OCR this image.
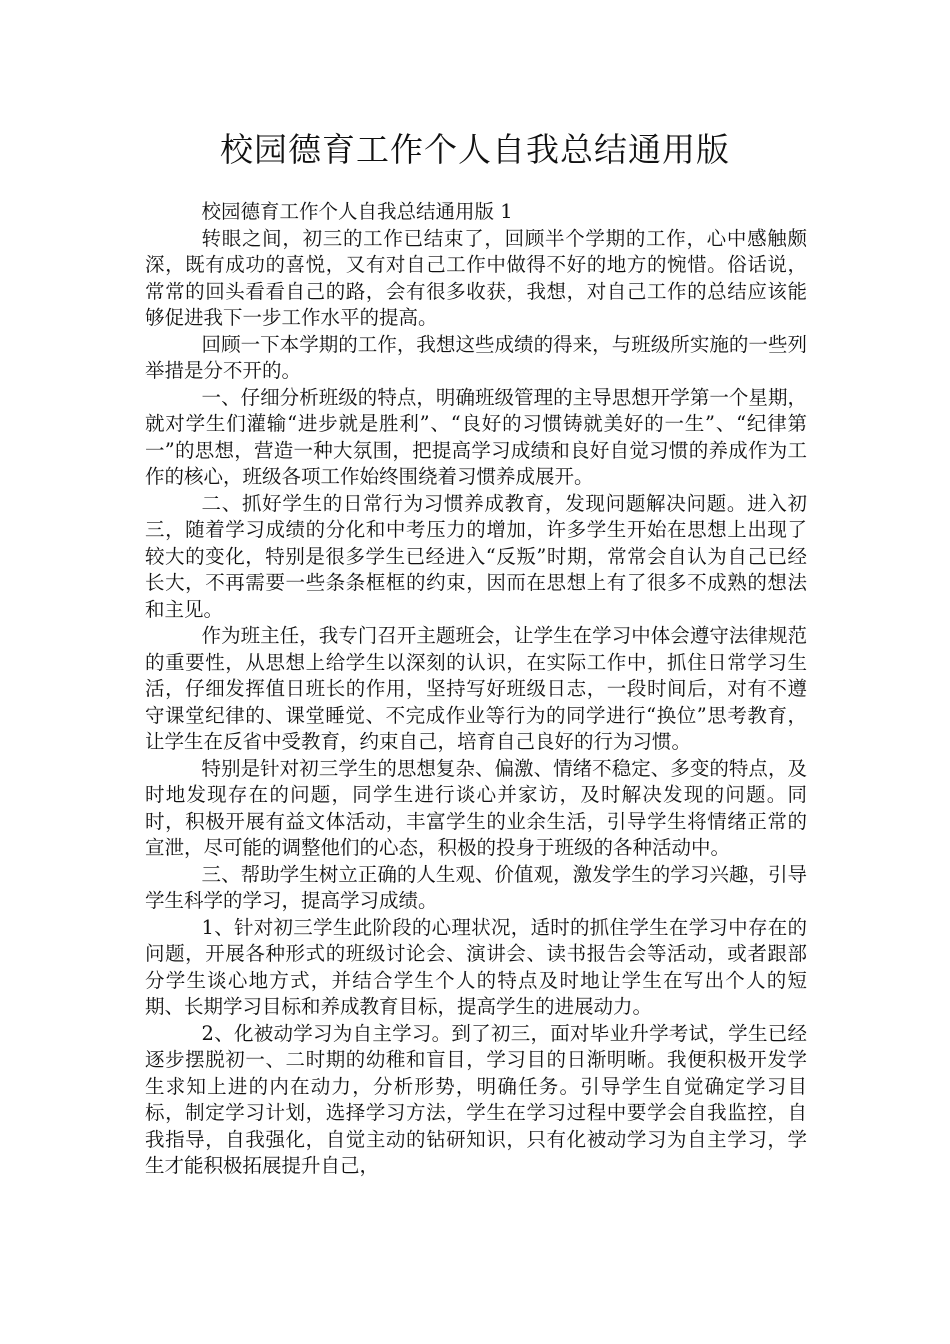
校园德育工作个人自我总结通用版

校园德育工作个人自我总结通用版 1

转眼之间，初三的工作已结束了，回顾半个学期的工作，心中感触颇深，既有成功的喜悦，又有对自己工作中做得不好的地方的惋惜。俗话说，常常的回头看看自己的路，会有很多收获，我想，对自己工作的总结应该能够促进我下一步工作水平的提高。

回顾一下本学期的工作，我想这些成绩的得来，与班级所实施的一些列举措是分不开的。

一、仔细分析班级的特点，明确班级管理的主导思想开学第一个星期，就对学生们灌输“进步就是胜利”、“良好的习惯铸就美好的一生”、“纪律第一”的思想，营造一种大氛围，把提高学习成绩和良好自觉习惯的养成作为工作的核心，班级各项工作始终围绕着习惯养成展开。

二、抓好学生的日常行为习惯养成教育，发现问题解决问题。进入初三，随着学习成绩的分化和中考压力的增加，许多学生开始在思想上出现了较大的变化，特别是很多学生已经进入“反叛”时期，常常会自认为自己已经长大，不再需要一些条条框框的约束，因而在思想上有了很多不成熟的想法和主见。

作为班主任，我专门召开主题班会，让学生在学习中体会遵守法律规范的重要性，从思想上给学生以深刻的认识，在实际工作中，抓住日常学习生活，仔细发挥值日班长的作用，坚持写好班级日志，一段时间后，对有不遵守课堂纪律的、课堂睡觉、不完成作业等行为的同学进行“换位”思考教育，让学生在反省中受教育，约束自己，培育自己良好的行为习惯。

特别是针对初三学生的思想复杂、偏激、情绪不稳定、多变的特点，及时地发现存在的问题，同学生进行谈心并家访，及时解决发现的问题。同时，积极开展有益文体活动，丰富学生的业余生活，引导学生将情绪正常的宣泄，尽可能的调整他们的心态，积极的投身于班级的各种活动中。

三、帮助学生树立正确的人生观、价值观，激发学生的学习兴趣，引导学生科学的学习，提高学习成绩。

1、针对初三学生此阶段的心理状况，适时的抓住学生在学习中存在的问题，开展各种形式的班级讨论会、演讲会、读书报告会等活动，或者跟部分学生谈心地方式，并结合学生个人的特点及时地让学生在写出个人的短期、长期学习目标和养成教育目标，提高学生的进展动力。

2、化被动学习为自主学习。到了初三，面对毕业升学考试，学生已经逐步摆脱初一、二时期的幼稚和盲目，学习目的日渐明晰。我便积极开发学生求知上进的内在动力，分析形势，明确任务。引导学生自觉确定学习目标，制定学习计划，选择学习方法，学生在学习过程中要学会自我监控，自我指导，自我强化，自觉主动的钻研知识，只有化被动学习为自主学习，学生才能积极拓展提升自己，
